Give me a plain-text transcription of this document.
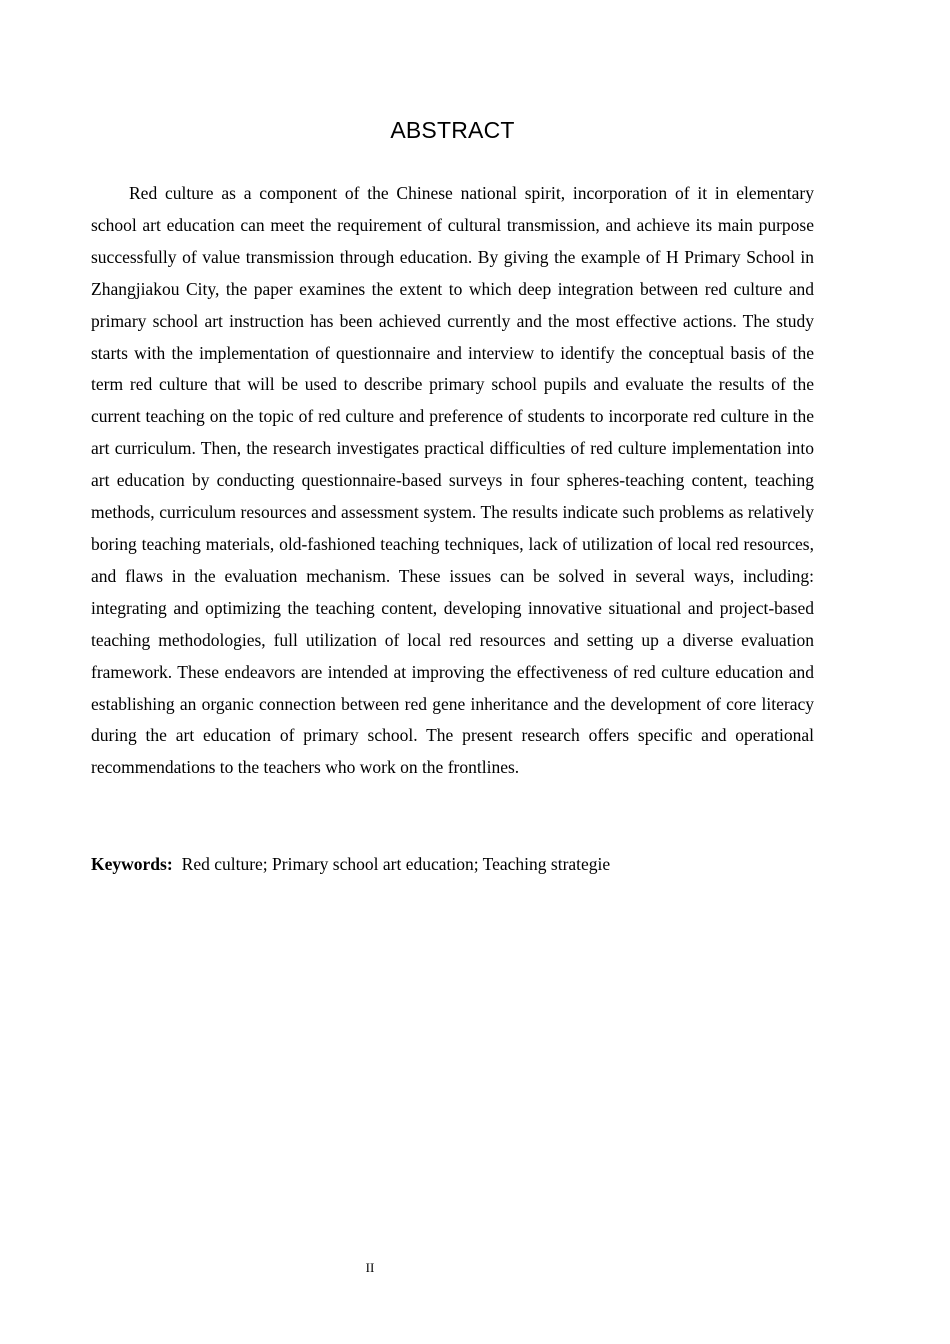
ABSTRACT

Red culture as a component of the Chinese national spirit, incorporation of it in elementary school art education can meet the requirement of cultural transmission, and achieve its main purpose successfully of value transmission through education. By giving the example of H Primary School in Zhangjiakou City, the paper examines the extent to which deep integration between red culture and primary school art instruction has been achieved currently and the most effective actions. The study starts with the implementation of questionnaire and interview to identify the conceptual basis of the term red culture that will be used to describe primary school pupils and evaluate the results of the current teaching on the topic of red culture and preference of students to incorporate red culture in the art curriculum. Then, the research investigates practical difficulties of red culture implementation into art education by conducting questionnaire-based surveys in four spheres-teaching content, teaching methods, curriculum resources and assessment system. The results indicate such problems as relatively boring teaching materials, old-fashioned teaching techniques, lack of utilization of local red resources, and flaws in the evaluation mechanism. These issues can be solved in several ways, including: integrating and optimizing the teaching content, developing innovative situational and project-based teaching methodologies, full utilization of local red resources and setting up a diverse evaluation framework. These endeavors are intended at improving the effectiveness of red culture education and establishing an organic connection between red gene inheritance and the development of core literacy during the art education of primary school. The present research offers specific and operational recommendations to the teachers who work on the frontlines.

Keywords: Red culture; Primary school art education; Teaching strategie

II
